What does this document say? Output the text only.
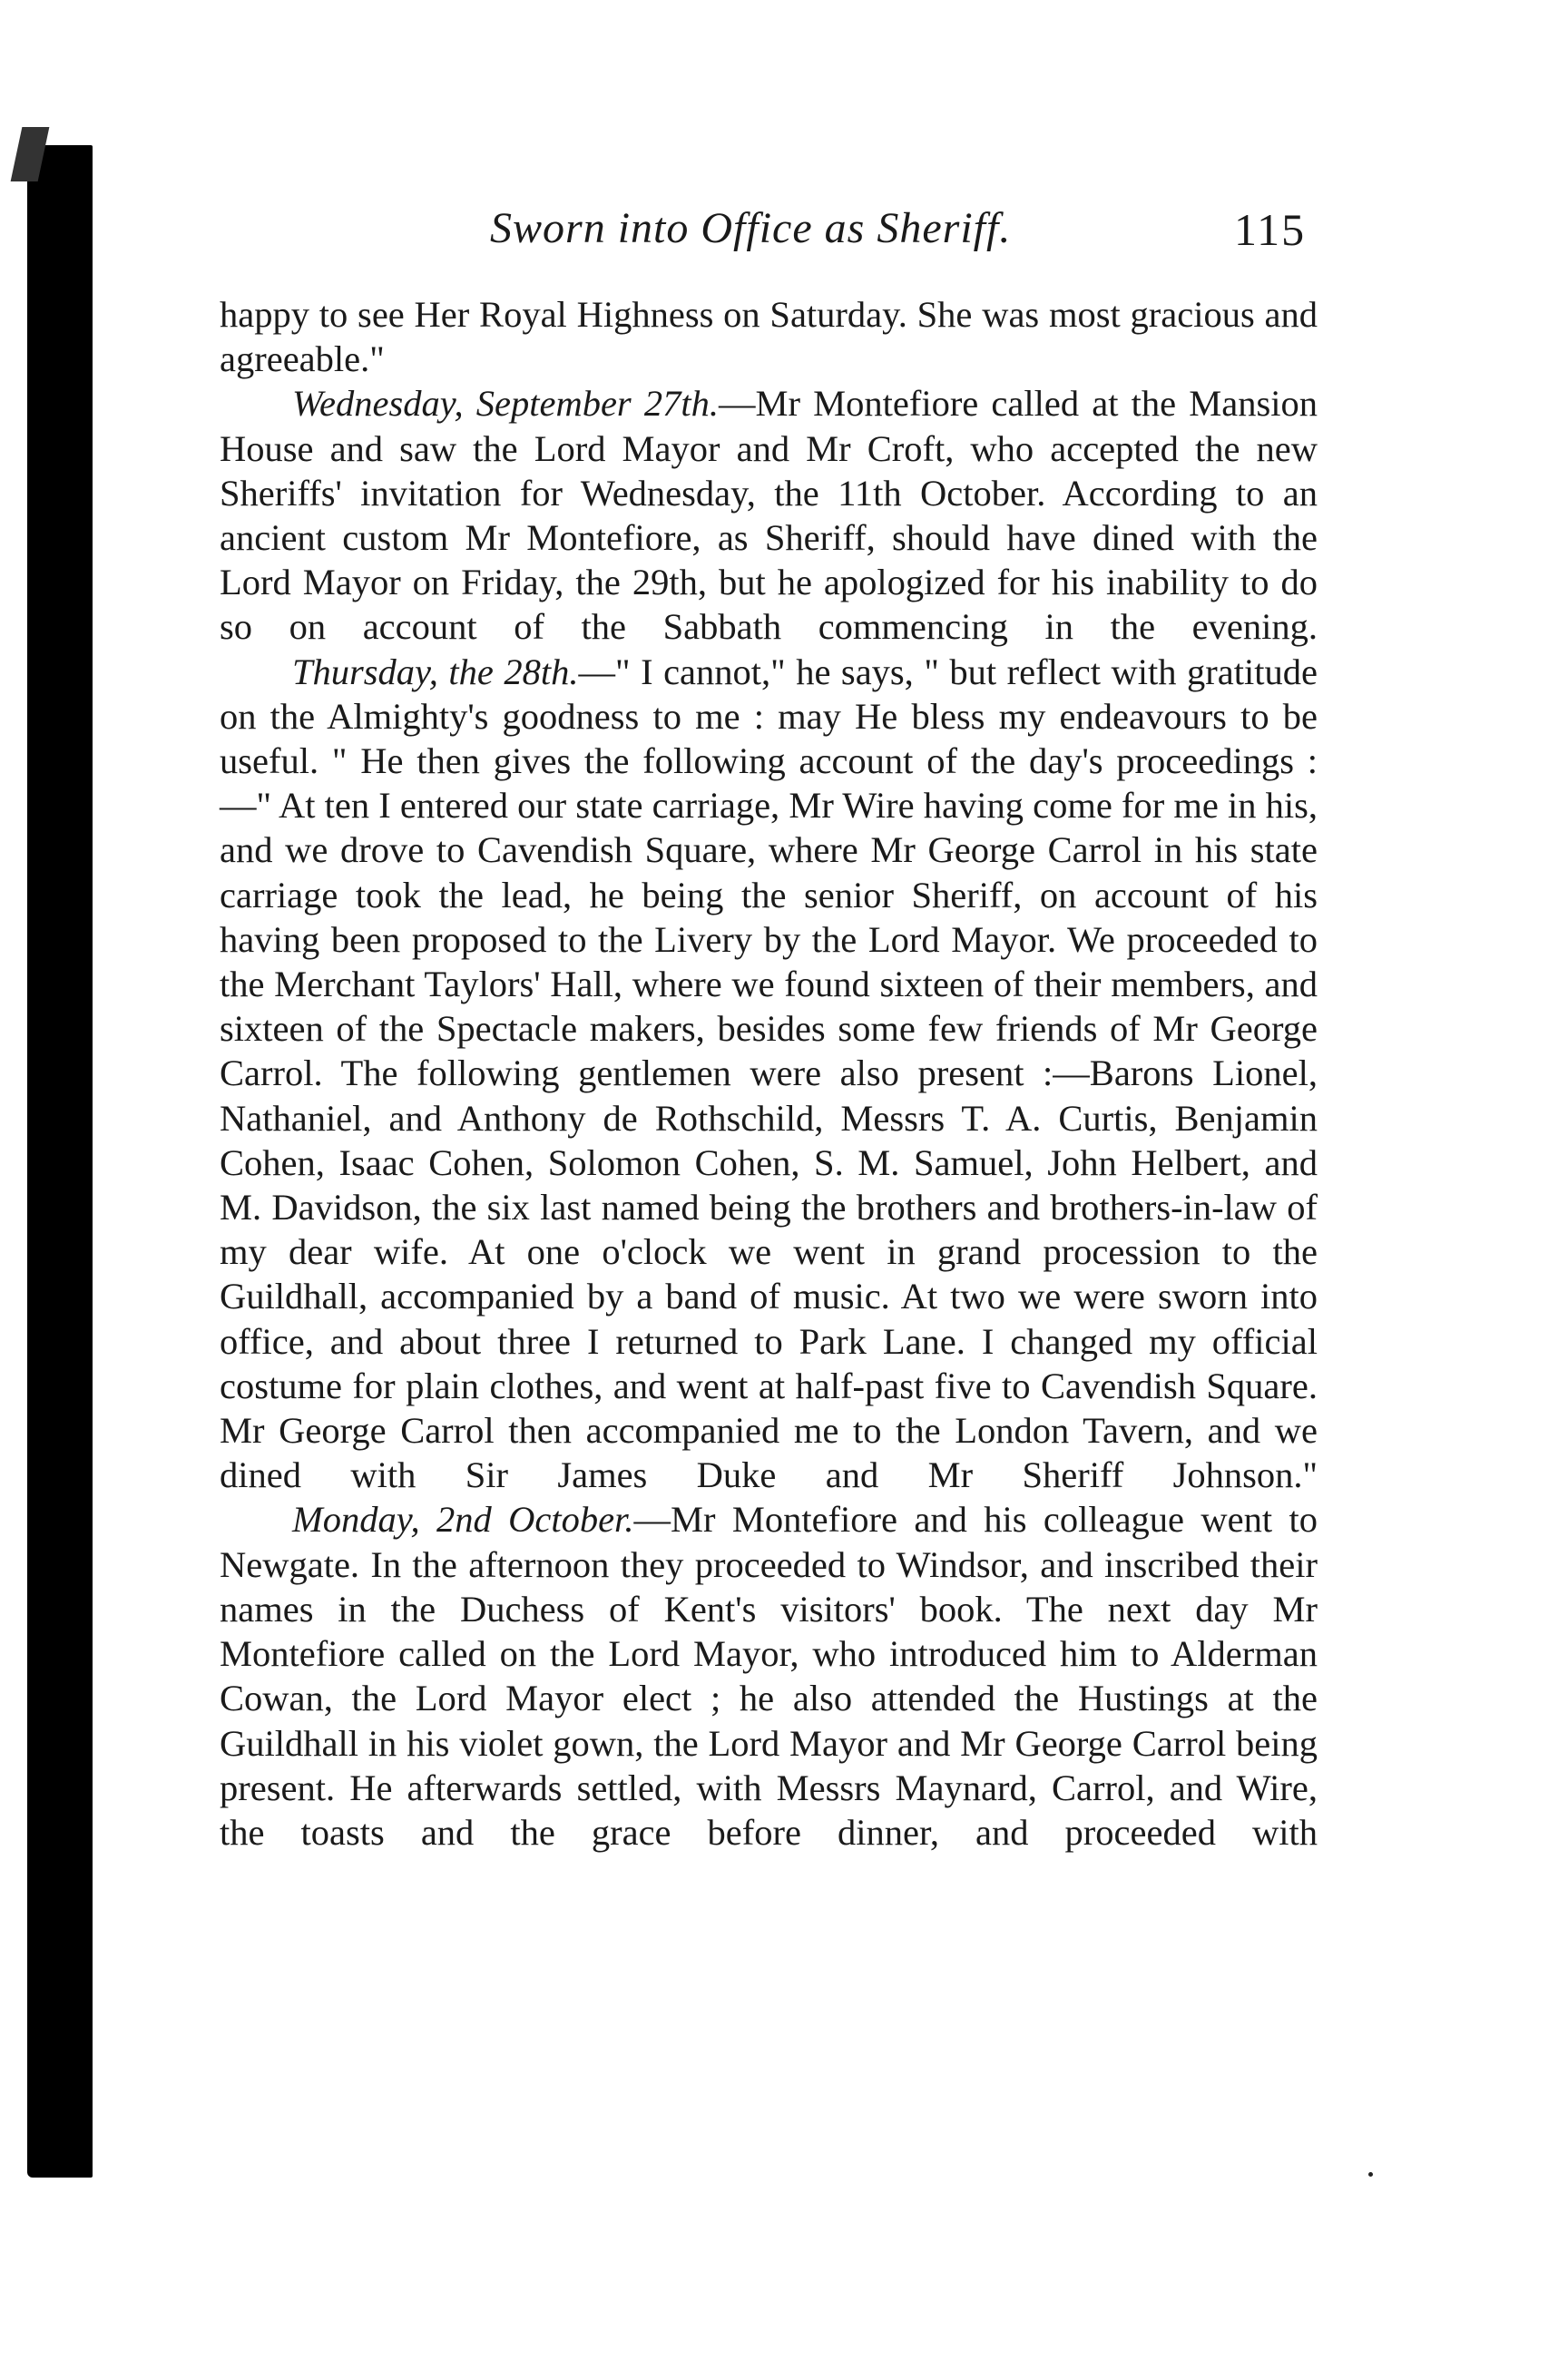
Sworn into Office as Sheriff.	115

happy to see Her Royal Highness on Saturday. She was most gracious and agreeable."

Wednesday, September 27th.—Mr Montefiore called at the Mansion House and saw the Lord Mayor and Mr Croft, who accepted the new Sheriffs' invitation for Wednesday, the 11th October. According to an ancient custom Mr Montefiore, as Sheriff, should have dined with the Lord Mayor on Friday, the 29th, but he apologized for his inability to do so on account of the Sabbath commencing in the evening.

Thursday, the 28th.—" I cannot," he says, " but reflect with gratitude on the Almighty's goodness to me : may He bless my endeavours to be useful. " He then gives the following account of the day's proceedings :—" At ten I entered our state carriage, Mr Wire having come for me in his, and we drove to Cavendish Square, where Mr George Carrol in his state carriage took the lead, he being the senior Sheriff, on account of his having been proposed to the Livery by the Lord Mayor. We proceeded to the Merchant Taylors' Hall, where we found sixteen of their members, and sixteen of the Spectacle makers, besides some few friends of Mr George Carrol. The following gentlemen were also present :—Barons Lionel, Nathaniel, and Anthony de Rothschild, Messrs T. A. Curtis, Benjamin Cohen, Isaac Cohen, Solomon Cohen, S. M. Samuel, John Helbert, and M. Davidson, the six last named being the brothers and brothers-in-law of my dear wife. At one o'clock we went in grand procession to the Guildhall, accompanied by a band of music. At two we were sworn into office, and about three I returned to Park Lane. I changed my official costume for plain clothes, and went at half-past five to Cavendish Square. Mr George Carrol then accompanied me to the London Tavern, and we dined with Sir James Duke and Mr Sheriff Johnson."

Monday, 2nd October.—Mr Montefiore and his colleague went to Newgate. In the afternoon they proceeded to Windsor, and inscribed their names in the Duchess of Kent's visitors' book. The next day Mr Montefiore called on the Lord Mayor, who introduced him to Alderman Cowan, the Lord Mayor elect ; he also attended the Hustings at the Guildhall in his violet gown, the Lord Mayor and Mr George Carrol being present. He afterwards settled, with Messrs Maynard, Carrol, and Wire, the toasts and the grace before dinner, and proceeded with
